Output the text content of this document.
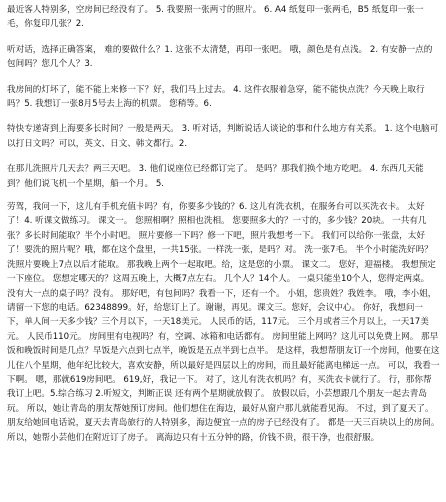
最近客人特别多，空房间已经没有了。 5. 我要照一张两寸的照片。 6. A4 纸复印一张两毛，B5 纸复印一张一毛，你复印几张？2.

听对话，选择正确答案， 难的要做什么？1. 这张不太清楚，再印一张吧。 哦，颜色是有点浅。 2. 有安静一点的包间吗？您几个人？3.

我房间的灯坏了，能不能上来修一下？好，我们马上过去。 4. 这件衣服着急穿，能不能快点洗？今天晚上取行吗？5. 我想订一张8月5号去上海的机票。 您稍等。6.

特快专递寄到上海要多长时间？一般是两天。 3. 听对话，判断说话人谈论的事和什么地方有关系。 1. 这个电脑可以打日文吗？可以，英文、日文、韩文都行。2.

在那儿洗照片几天去？两三天吧。 3. 他们说座位已经都订完了。 是吗？那我们换个地方吃吧。 4. 东西几天能到？他们说飞机一个星期，船一个月。 5.

劳驾，我问一下，这儿有手机充值卡吗？有，你要多少钱的？6. 这儿有洗衣机，在服务台可以买洗衣卡。 太好了！4. 听课文做练习。 课文一。 您照相啊？照相也洗相。 您要照多大的？一寸的，多少钱？20块。 一共有几张？多长时间能取？半个小时吧。 照片要修一下吗？修一下吧，照片我想考一下。 我们可以给你一张盘，太好了！要洗的照片呢？哦，都在这个盘里，一共15张。一样洗一张，是吗？对。 洗一张7毛。 半个小时能洗好吗？洗照片要晚上7点以后才能取。 那我晚上两个一起取吧。给，这是您的小票。 课文二。 您好，迎福楼。 我想预定一下座位。 您想定哪天的？这周五晚上，大概7点左右。 几个人？14个人。 一桌只能坐10个人，您得定两桌。 没有大一点的桌子吗？没有。 那好吧，有包间吗？我看一下，还有一个。 小姐，您贵姓？我姓李。 哦，李小姐，请留一下您的电话。62348899。好，给您订上了。谢谢，再见。课文三。您好，会议中心。 你好，我想问一下，单人间一天多少钱？三个月以下，一天18美元。 人民币的话，117元。 三个月或者三个月以上，一天17美元。 人民币110元。 房间里有电视吗？有，空调、冰箱和电话都有。 房间里能上网吗？这儿可以免费上网。 那早饭和晚饭时间是几点？早饭是六点到七点半，晚饭是五点半到七点半。 是这样，我想帮朋友订一个房间，他要在这儿住八个星期，他年纪比较大，喜欢安静，所以最好是四层以上的房间，而且最好能离电梯远一点。 可以，我看一下啊。 嗯，那就619房间吧。 619,好，我记一下。 对了，这儿有洗衣机吗？有，买洗衣卡就行了。 行，那你帮我订上吧。5.综合练习 2.听短文，判断正误 还有两个星期就放假了。 放假以后，小芸想跟几个朋友一起去青岛玩。 所以，她让青岛的朋友帮她预订房间。他们想住在海边，最好从窗户那儿就能看见海。 不过，到了夏天了。 朋友给她回电话说，夏天去青岛旅行的人特别多，海边便宜一点的房子已经没有了。 都是一天三百块以上的房间。 所以，她帮小芸他们在附近订了房子。 离海边只有十五分钟的路，价钱不贵，很干净，也很舒服。
